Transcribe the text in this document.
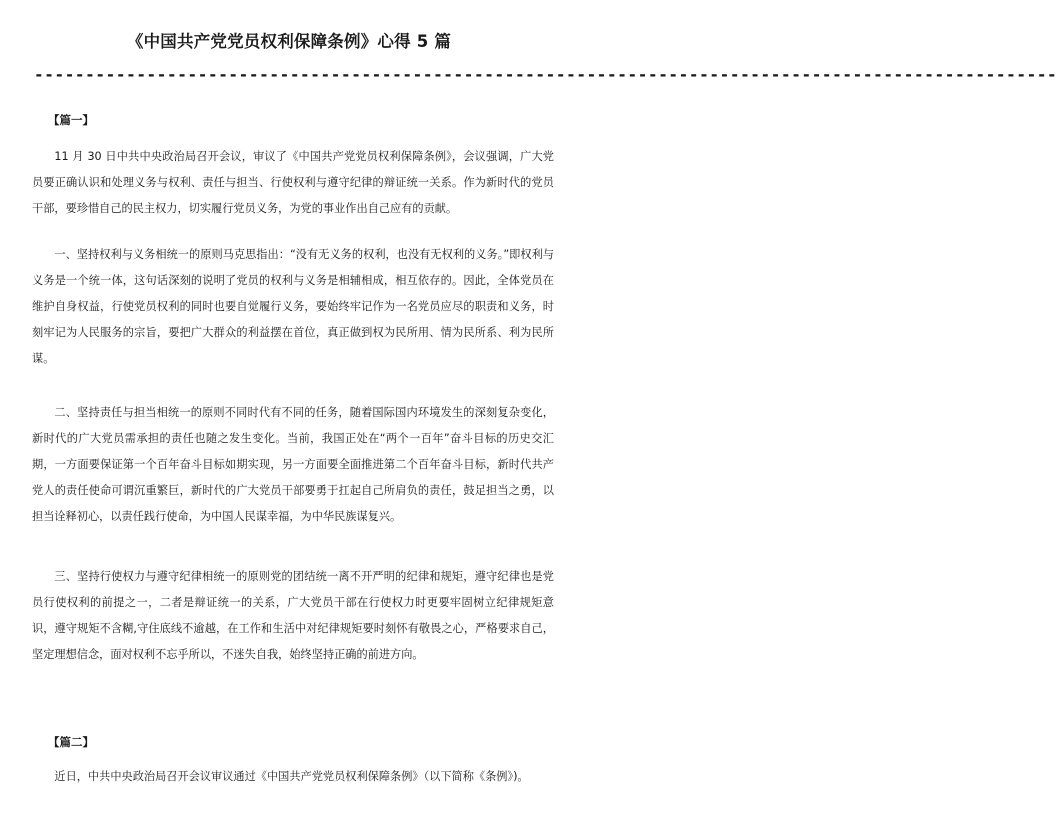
《中国共产党党员权利保障条例》心得 5 篇
----------------------------------------------------------------------------------------------------
【篇一】

11 月 30 日中共中央政治局召开会议，审议了《中国共产党党员权利保障条例》，会议强调，广大党员要正确认识和处理义务与权利、责任与担当、行使权利与遵守纪律的辩证统一关系。作为新时代的党员干部，要珍惜自己的民主权力，切实履行党员义务，为党的事业作出自己应有的贡献。

一、坚持权利与义务相统一的原则马克思指出：“没有无义务的权利，也没有无权利的义务。”即权利与义务是一个统一体，这句话深刻的说明了党员的权利与义务是相辅相成，相互依存的。因此，全体党员在维护自身权益，行使党员权利的同时也要自觉履行义务，要始终牢记作为一名党员应尽的职责和义务，时刻牢记为人民服务的宗旨，要把广大群众的利益摆在首位，真正做到权为民所用、情为民所系、利为民所谋。

二、坚持责任与担当相统一的原则不同时代有不同的任务，随着国际国内环境发生的深刻复杂变化，新时代的广大党员需承担的责任也随之发生变化。当前，我国正处在“两个一百年”奋斗目标的历史交汇期，一方面要保证第一个百年奋斗目标如期实现，另一方面要全面推进第二个百年奋斗目标，新时代共产党人的责任使命可谓沉重繁巨，新时代的广大党员干部要勇于扛起自己所肩负的责任，鼓足担当之勇，以担当诠释初心，以责任践行使命，为中国人民谋幸福，为中华民族谋复兴。

三、坚持行使权力与遵守纪律相统一的原则党的团结统一离不开严明的纪律和规矩，遵守纪律也是党员行使权利的前提之一，二者是辩证统一的关系，广大党员干部在行使权力时更要牢固树立纪律规矩意识，遵守规矩不含糊,守住底线不逾越，在工作和生活中对纪律规矩要时刻怀有敬畏之心，严格要求自己，坚定理想信念，面对权利不忘乎所以，不迷失自我，始终坚持正确的前进方向。

【篇二】

近日，中共中央政治局召开会议审议通过《中国共产党党员权利保障条例》（以下简称《条例》)。
